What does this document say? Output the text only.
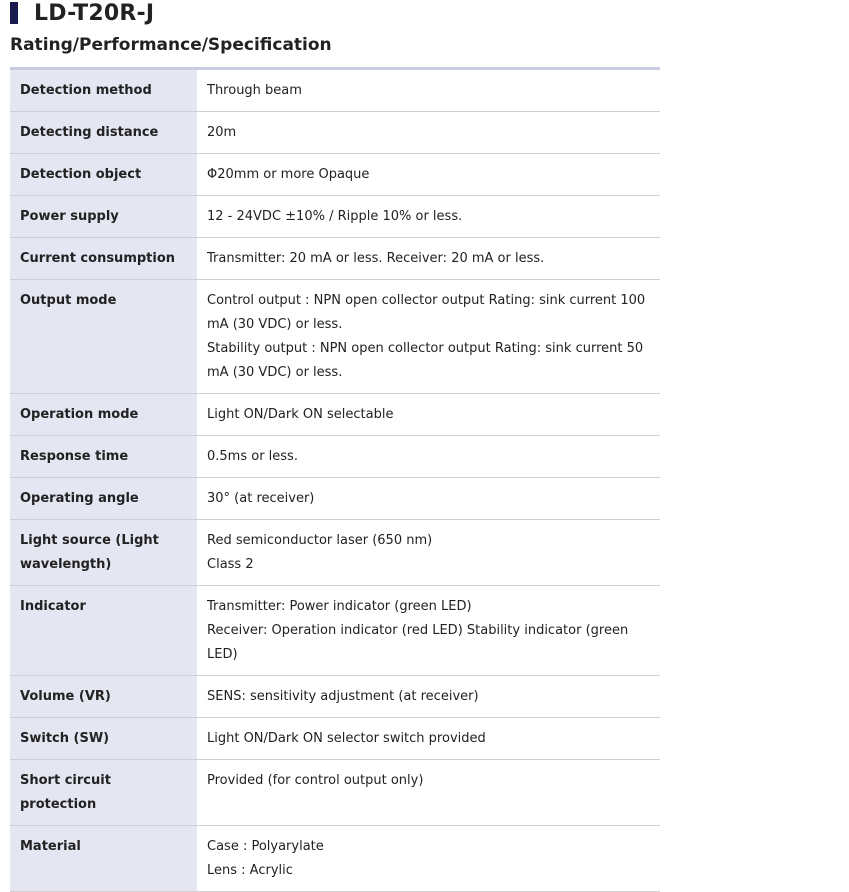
LD-T20R-J
Rating/Performance/Specification
Detection method	Through beam

Detecting distance	20m

Detection object	Φ20mm or more Opaque

Power supply	12 - 24VDC ±10% / Ripple 10% or less.

Current consumption	Transmitter: 20 mA or less. Receiver: 20 mA or less.

Output mode	Control output : NPN open collector output Rating: sink current 100 mA (30 VDC) or less.
Stability output : NPN open collector output Rating: sink current 50 mA (30 VDC) or less.

Operation mode	Light ON/Dark ON selectable

Response time	0.5ms or less.

Operating angle	30° (at receiver)

Light source (Light wavelength)	Red semiconductor laser (650 nm)
Class 2

Indicator	Transmitter: Power indicator (green LED)
Receiver: Operation indicator (red LED) Stability indicator (green LED)

Volume (VR)	SENS: sensitivity adjustment (at receiver)

Switch (SW)	Light ON/Dark ON selector switch provided

Short circuit protection	Provided (for control output only)

Material	Case : Polyarylate
Lens : Acrylic
